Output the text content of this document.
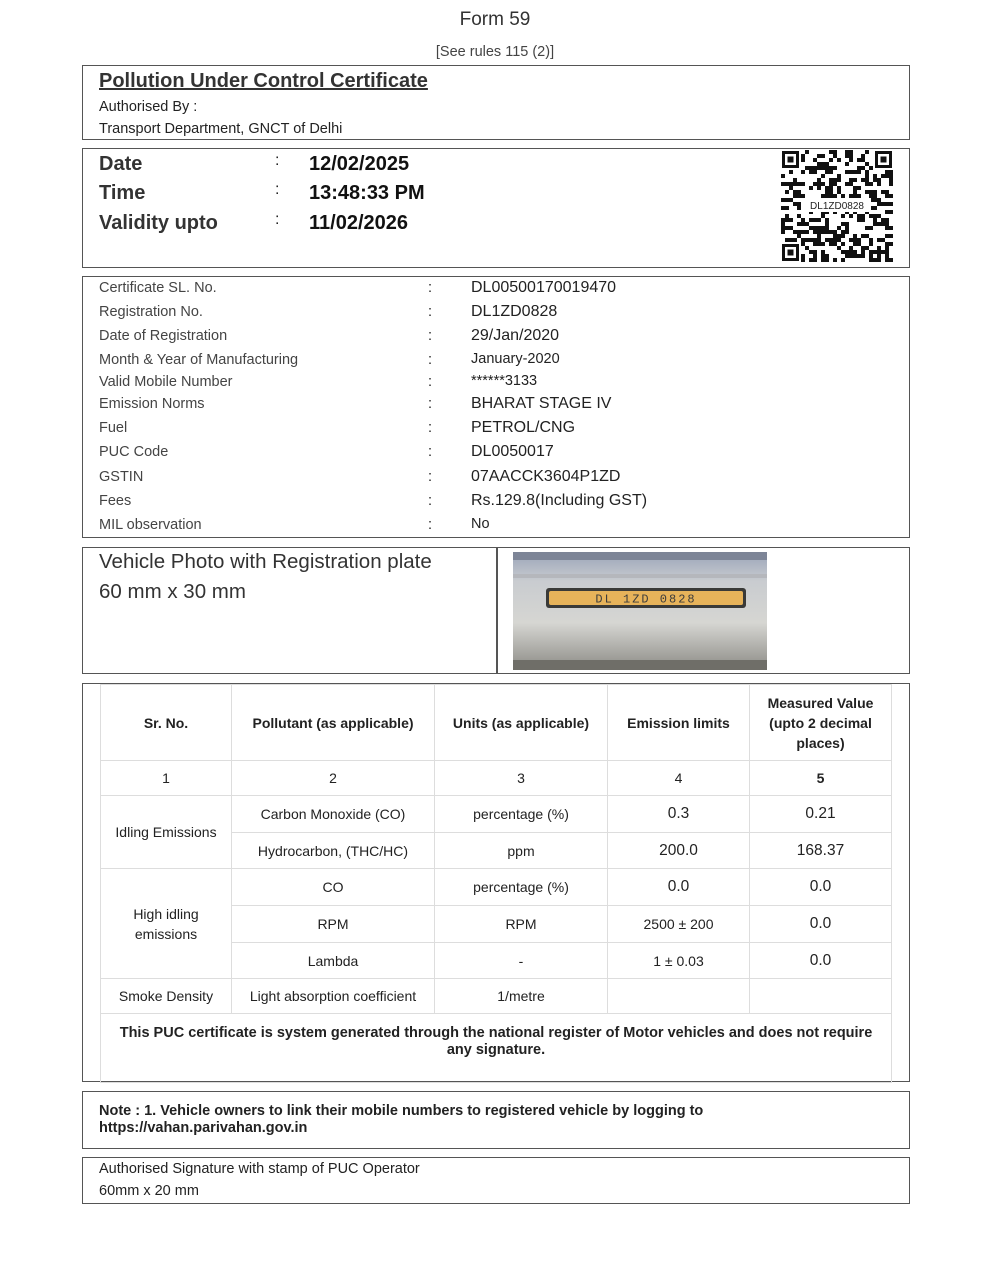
Form 59
[See rules 115 (2)]
Pollution Under Control Certificate
Authorised By :
Transport Department, GNCT of Delhi
Date	: 12/02/2025
Time	: 13:48:33 PM
Validity upto	: 11/02/2026
DL1ZD0828
Certificate SL. No.	: DL00500170019470
Registration No.	: DL1ZD0828
Date of Registration	: 29/Jan/2020
Month & Year of Manufacturing	:	January-2020
Valid Mobile Number	:	******3133
Emission Norms	: BHARAT STAGE IV
Fuel	: PETROL/CNG
PUC Code	: DL0050017
GSTIN	: 07AACCK3604P1ZD
Fees	: Rs.129.8(Including GST)
MIL observation	:	No
Vehicle Photo with Registration plate
60 mm x 30 mm	DL 1ZD 0828
Sr. No.	Pollutant (as applicable)	Units (as applicable)	Emission limits	Measured Value (upto 2 decimal places)
1	2	3	4	5
Idling Emissions	Carbon Monoxide (CO)	percentage (%)	0.3	0.21
	Hydrocarbon, (THC/HC)	ppm	200.0	168.37
High idling emissions	CO	percentage (%)	0.0	0.0
	RPM	RPM	2500 ± 200	0.0
	Lambda	-	1 ± 0.03	0.0
Smoke Density	Light absorption coefficient	1/metre		
This PUC certificate is system generated through the national register of Motor vehicles and does not require any signature.				
Note : 1. Vehicle owners to link their mobile numbers to registered vehicle by logging to https://vahan.parivahan.gov.in
Authorised Signature with stamp of PUC Operator
60mm x 20 mm
